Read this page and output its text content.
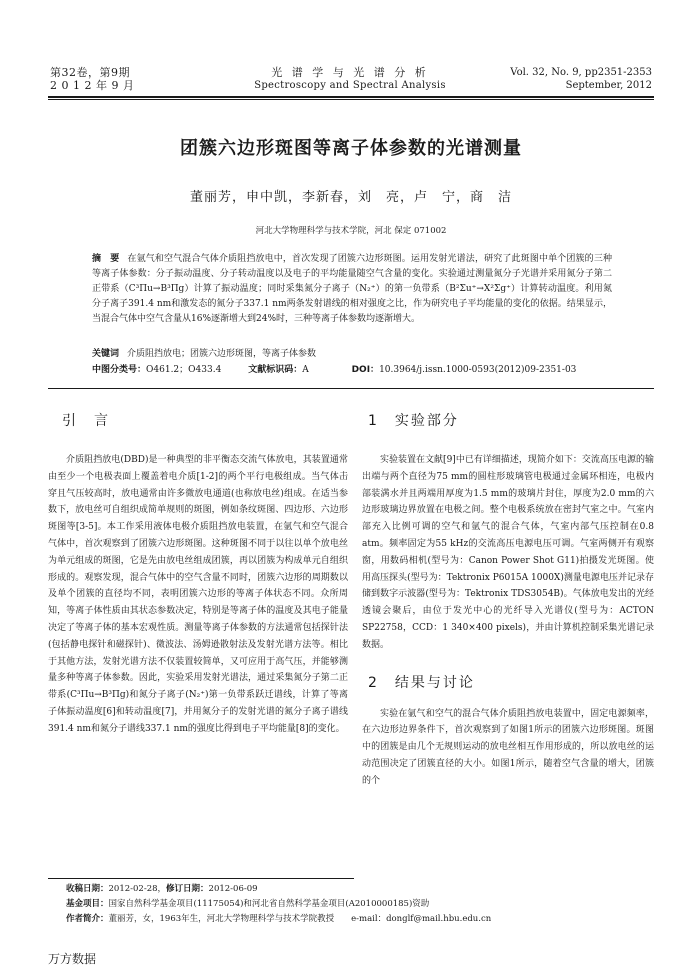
第32卷，第9期
2 0 1 2 年 9 月
光 谱 学 与 光 谱 分 析
Spectroscopy and Spectral Analysis
Vol. 32, No. 9, pp2351-2353
September, 2012
团簇六边形斑图等离子体参数的光谱测量
董丽芳，申中凯，李新春，刘　亮，卢　宁，商　洁
河北大学物理科学与技术学院，河北 保定 071002
摘　要 在氩气和空气混合气体介质阻挡放电中，首次发现了团簇六边形斑图。运用发射光谱法，研究了此斑图中单个团簇的三种等离子体参数：分子振动温度、分子转动温度以及电子的平均能量随空气含量的变化。实验通过测量氮分子光谱并采用氮分子第二正带系（C³Πu→B³Πg）计算了振动温度；同时采集氮分子离子（N₂⁺）的第一负带系（B²Σu⁺→X²Σg⁺）计算转动温度。利用氮分子离子391.4 nm和激发态的氮分子337.1 nm两条发射谱线的相对强度之比，作为研究电子平均能量的变化的依据。结果显示，当混合气体中空气含量从16%逐渐增大到24%时，三种等离子体参数均逐渐增大。
关键词 介质阻挡放电；团簇六边形斑图，等离子体参数
中图分类号：O461.2；O433.4	文献标识码：A	DOI：10.3964/j.issn.1000-0593(2012)09-2351-03
引　言

介质阻挡放电(DBD)是一种典型的非平衡态交流气体放电，其装置通常由至少一个电极表面上覆盖着电介质[1-2]的两个平行电极组成。当气体击穿且气压较高时，放电通常由许多微放电通道(也称放电丝)组成。在适当参数下，放电丝可自组织成简单规则的斑图，例如条纹斑图、四边形、六边形斑图等[3-5]。本工作采用液体电极介质阻挡放电装置，在氩气和空气混合气体中，首次观察到了团簇六边形斑图。这种斑图不同于以往以单个放电丝为单元组成的斑图，它是先由放电丝组成团簇，再以团簇为构成单元自组织形成的。观察发现，混合气体中的空气含量不同时，团簇六边形的周期数以及单个团簇的直径均不同，表明团簇六边形的等离子体状态不同。众所周知，等离子体性质由其状态参数决定，特别是等离子体的温度及其电子能量决定了等离子体的基本宏观性质。测量等离子体参数的方法通常包括探针法(包括静电探针和磁探针)、微波法、汤姆逊散射法及发射光谱方法等。相比于其他方法，发射光谱方法不仅装置较简单，又可应用于高气压，并能够测量多种等离子体参数。因此，实验采用发射光谱法，通过采集氮分子第二正带系(C³Πu→B³Πg)和氮分子离子(N₂⁺)第一负带系跃迁谱线，计算了等离子体振动温度[6]和转动温度[7]，并用氮分子的发射光谱的氮分子离子谱线391.4 nm和氮分子谱线337.1 nm的强度比得到电子平均能量[8]的变化。

1　实验部分

实验装置在文献[9]中已有详细描述，现简介如下：交流高压电源的输出端与两个直径为75 mm的圆柱形玻璃管电极通过金属环相连，电极内部装满水并且两端用厚度为1.5 mm的玻璃片封住，厚度为2.0 mm的六边形玻璃边界放置在电极之间。整个电极系统放在密封气室之中。气室内部充入比例可调的空气和氩气的混合气体，气室内部气压控制在0.8 atm。频率固定为55 kHz的交流高压电源电压可调。气室两侧开有观察窗，用数码相机(型号为：Canon Power Shot G11)拍摄发光斑图。使用高压探头(型号为：Tektronix P6015A 1000X)测量电源电压并记录存储到数字示波器(型号为：Tektronix TDS3054B)。气体放电发出的光经透镜会聚后，由位于发光中心的光纤导入光谱仪(型号为：ACTON SP22758，CCD：1 340×400 pixels)，并由计算机控制采集光谱记录数据。

2　结果与讨论

实验在氩气和空气的混合气体介质阻挡放电装置中，固定电源频率，在六边形边界条件下，首次观察到了如图1所示的团簇六边形斑图。斑图中的团簇是由几个无规则运动的放电丝相互作用形成的，所以放电丝的运动范围决定了团簇直径的大小。如图1所示，随着空气含量的增大，团簇的个

收稿日期：2012-02-28，修订日期：2012-06-09
基金项目：国家自然科学基金项目(11175054)和河北省自然科学基金项目(A2010000185)资助
作者简介：董丽芳，女，1963年生，河北大学物理科学与技术学院教授　　e-mail：donglf@mail.hbu.edu.cn
万方数据
